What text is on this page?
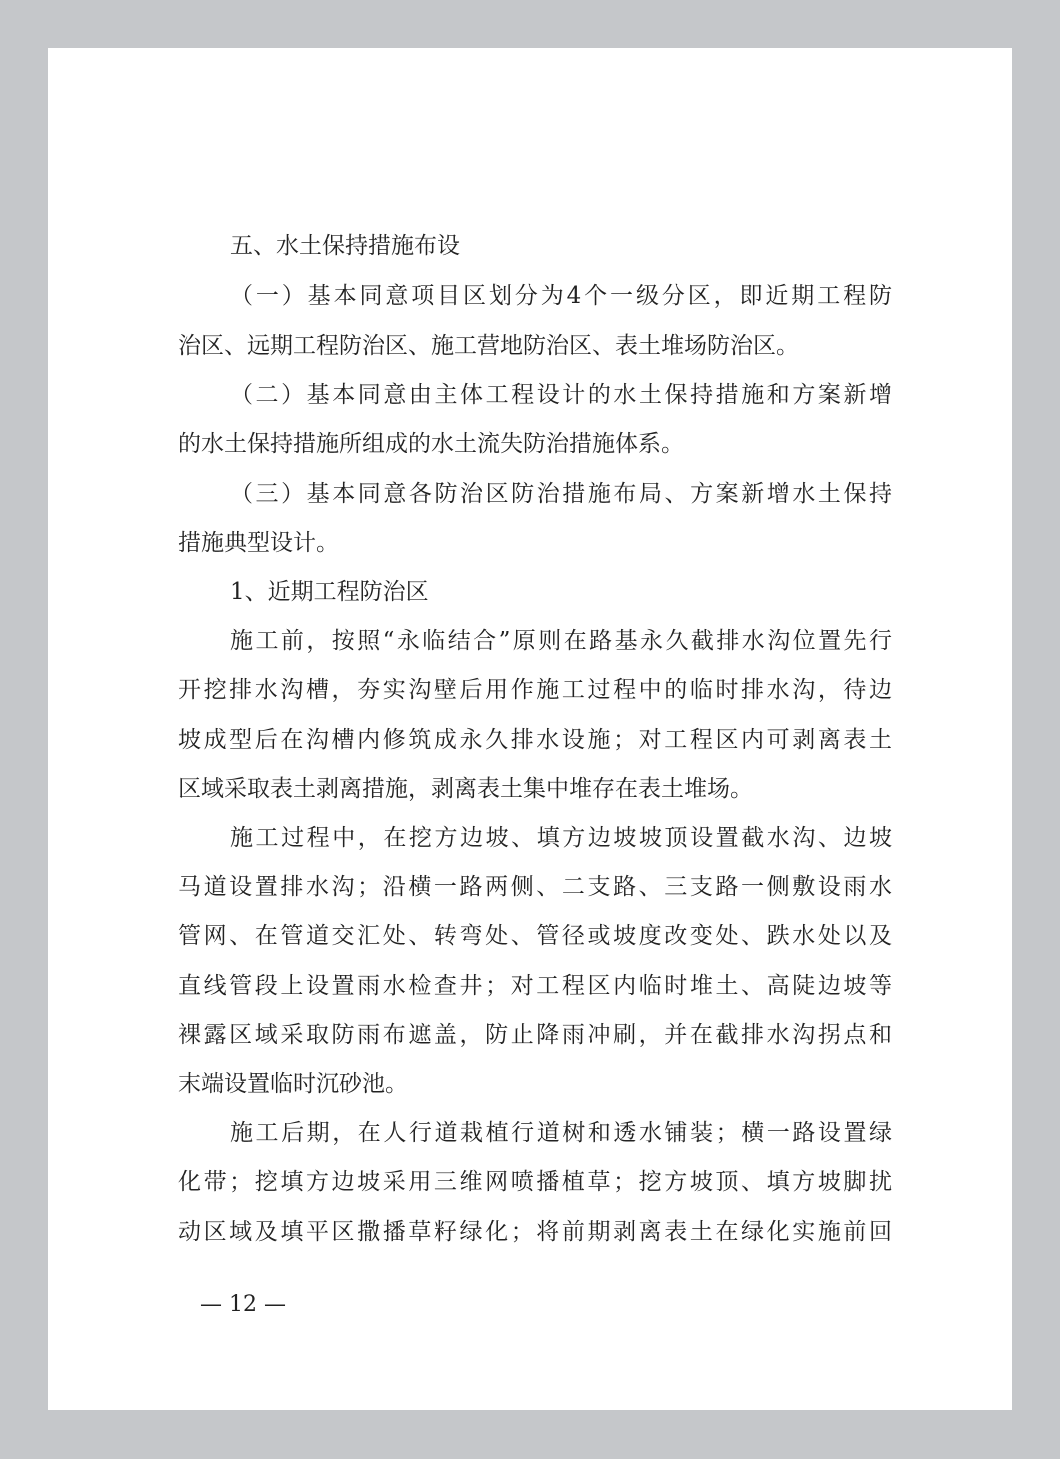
五、水土保持措施布设
（一）基本同意项目区划分为4个一级分区，即近期工程防
治区、远期工程防治区、施工营地防治区、表土堆场防治区。
（二）基本同意由主体工程设计的水土保持措施和方案新增
的水土保持措施所组成的水土流失防治措施体系。
（三）基本同意各防治区防治措施布局、方案新增水土保持
措施典型设计。
1、近期工程防治区
施工前，按照“永临结合”原则在路基永久截排水沟位置先行
开挖排水沟槽，夯实沟壁后用作施工过程中的临时排水沟，待边
坡成型后在沟槽内修筑成永久排水设施；对工程区内可剥离表土
区域采取表土剥离措施，剥离表土集中堆存在表土堆场。
施工过程中，在挖方边坡、填方边坡坡顶设置截水沟、边坡
马道设置排水沟；沿横一路两侧、二支路、三支路一侧敷设雨水
管网、在管道交汇处、转弯处、管径或坡度改变处、跌水处以及
直线管段上设置雨水检查井；对工程区内临时堆土、高陡边坡等
裸露区域采取防雨布遮盖，防止降雨冲刷，并在截排水沟拐点和
末端设置临时沉砂池。
施工后期，在人行道栽植行道树和透水铺装；横一路设置绿
化带；挖填方边坡采用三维网喷播植草；挖方坡顶、填方坡脚扰
动区域及填平区撒播草籽绿化；将前期剥离表土在绿化实施前回
— 12 —
